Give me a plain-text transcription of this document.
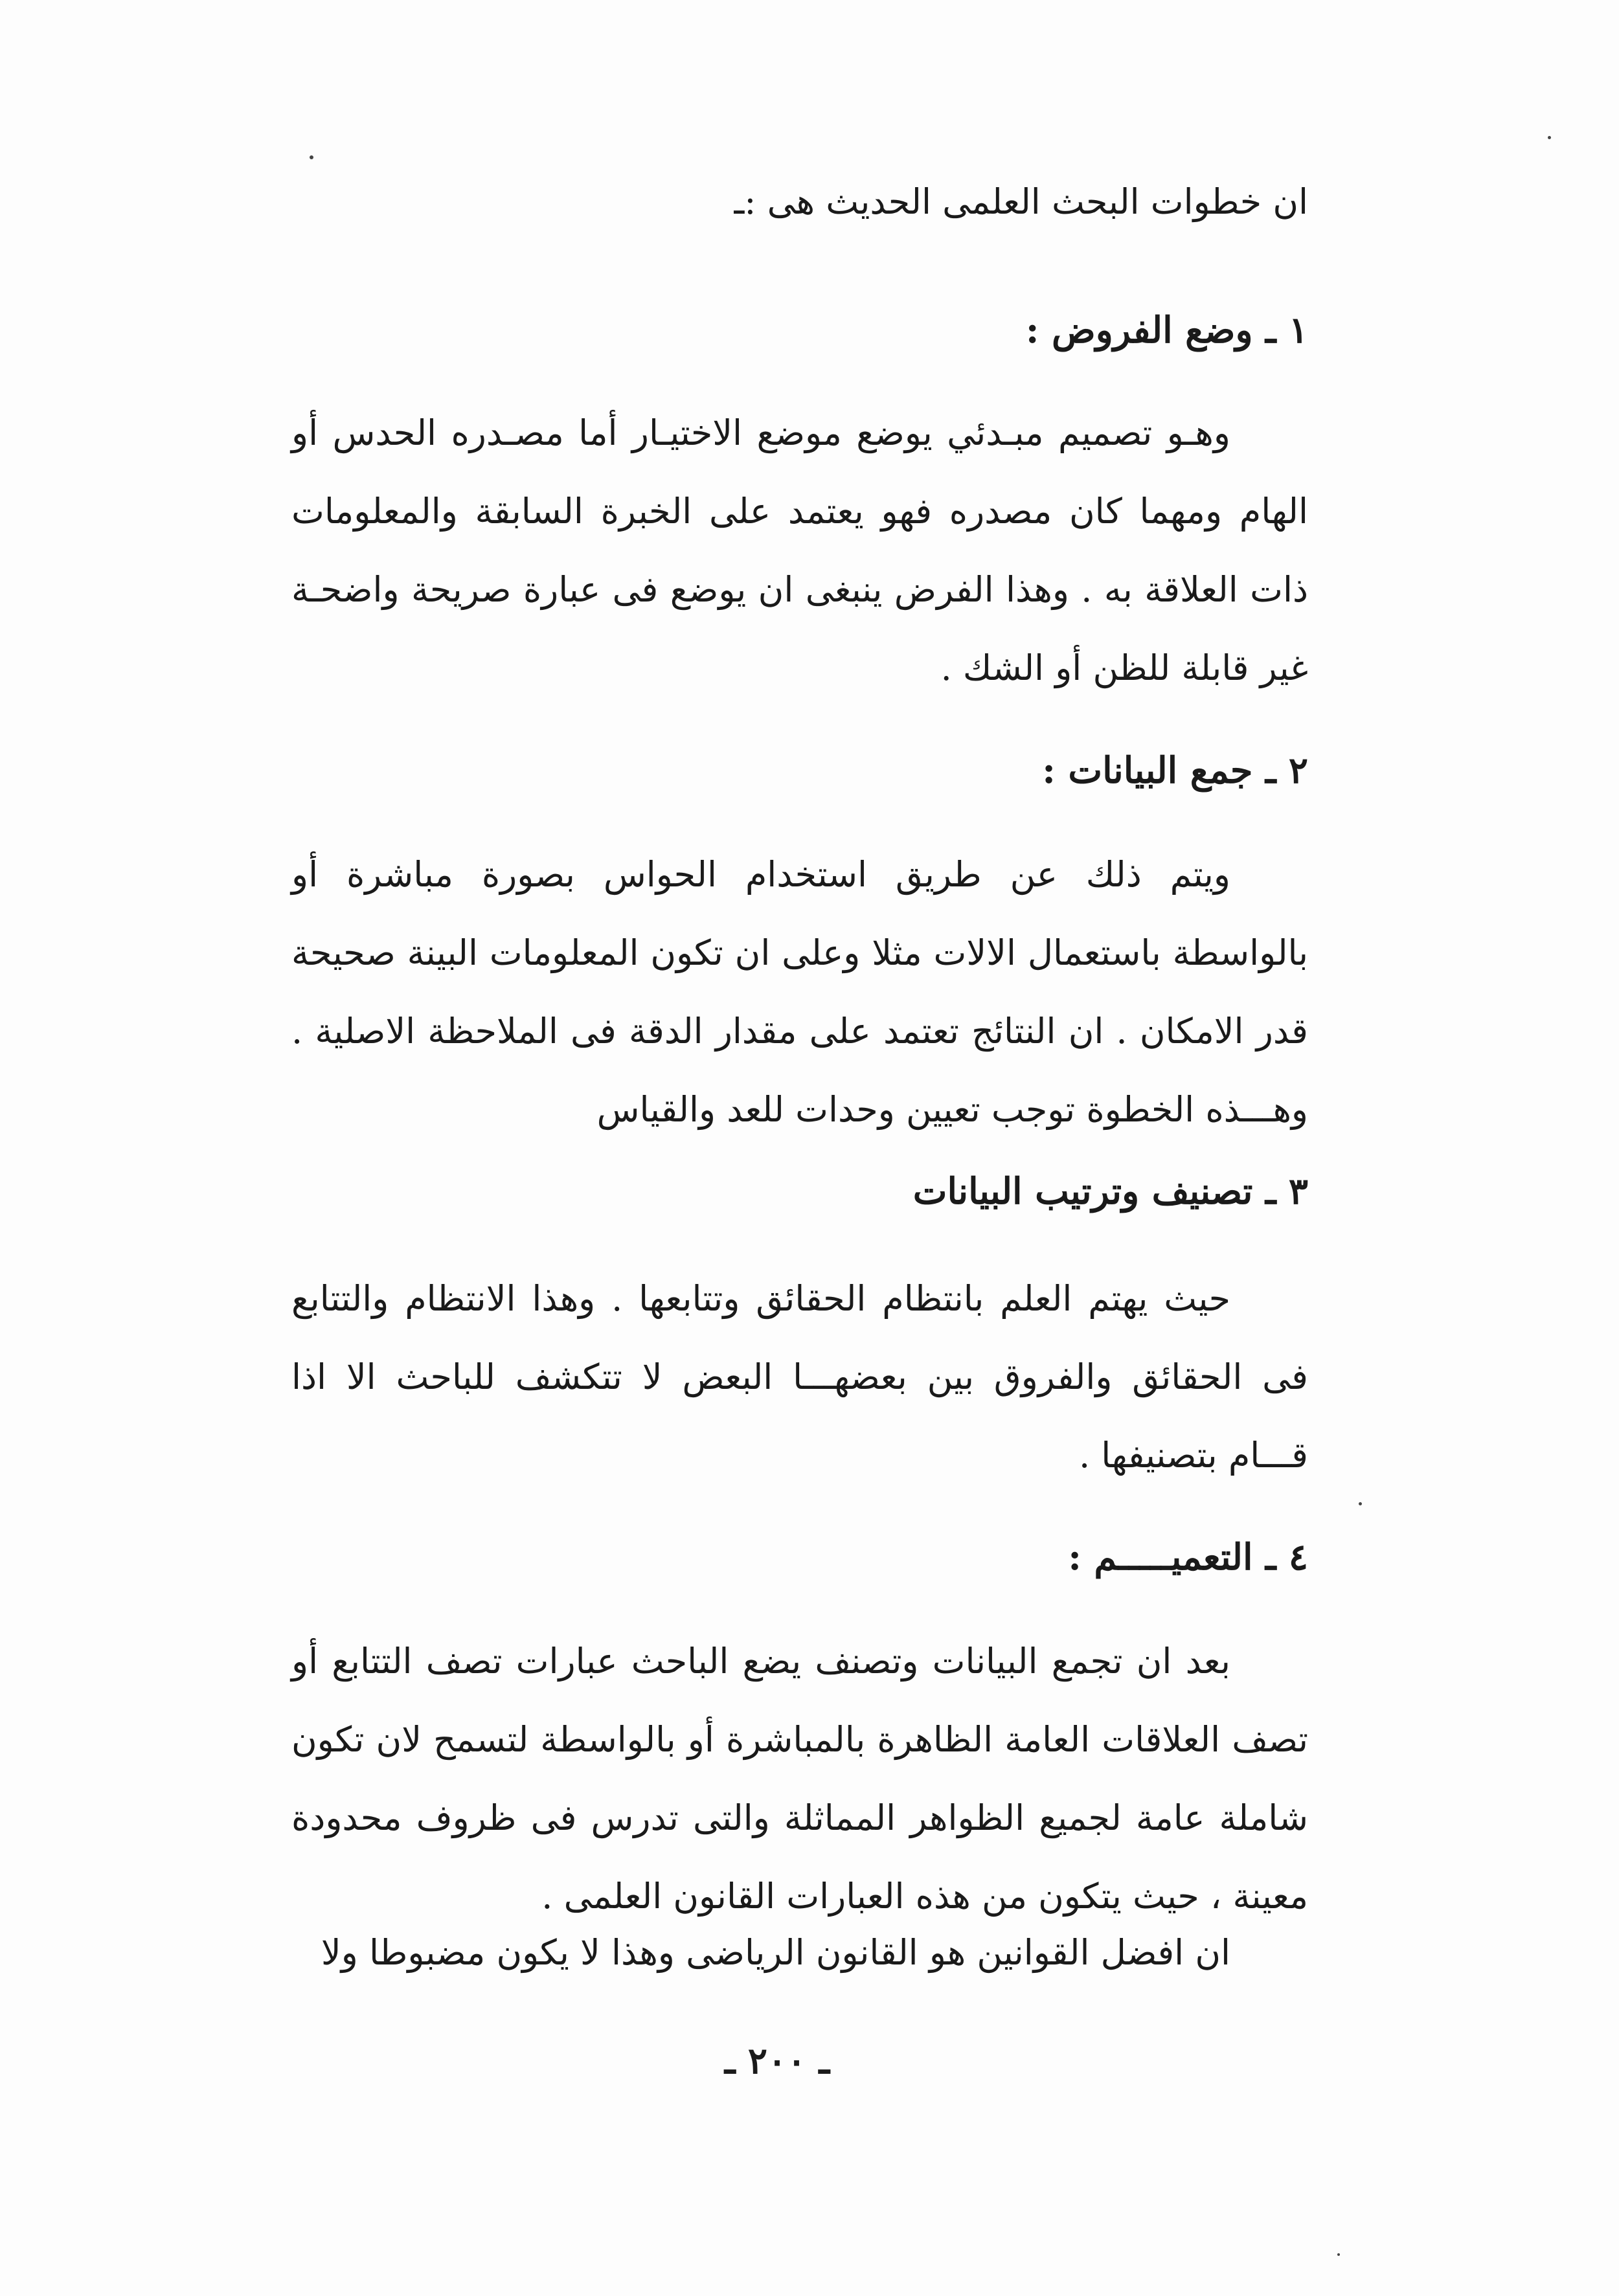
ان خطوات البحث العلمى الحديث هى :ـ
١ ـ وضع الفروض :
وهـو تصميم مبـدئي يوضع موضع الاختيـار أما مصـدره الحدس أو الهام ومهما كان مصدره فهو يعتمد على الخبرة السابقة والمعلومات ذات العلاقة به . وهذا الفرض ينبغى ان يوضع فى عبارة صريحة واضحـة غير قابلة للظن أو الشك .
٢ ـ جمع البيانات :
ويتم ذلك عن طريق استخدام الحواس بصورة مباشرة أو بالواسطة باستعمال الالات مثلا وعلى ان تكون المعلومات البينة صحيحة قدر الامكان . ان النتائج تعتمد على مقدار الدقة فى الملاحظة الاصلية . وهـــذه الخطوة توجب تعيين وحدات للعد والقياس
٣ ـ تصنيف وترتيب البيانات
حيث يهتم العلم بانتظام الحقائق وتتابعها . وهذا الانتظام والتتابع فى الحقائق والفروق بين بعضهـــا البعض لا تتكشف للباحث الا اذا قـــام بتصنيفها .
٤ ـ التعميـــــم :
بعد ان تجمع البيانات وتصنف يضع الباحث عبارات تصف التتابع أو تصف العلاقات العامة الظاهرة بالمباشرة أو بالواسطة لتسمح لان تكون شاملة عامة لجميع الظواهر المماثلة والتى تدرس فى ظروف محدودة معينة ، حيث يتكون من هذه العبارات القانون العلمى .
ان افضل القوانين هو القانون الرياضى وهذا لا يكون مضبوطا ولا
ـ ٢٠٠ ـ
